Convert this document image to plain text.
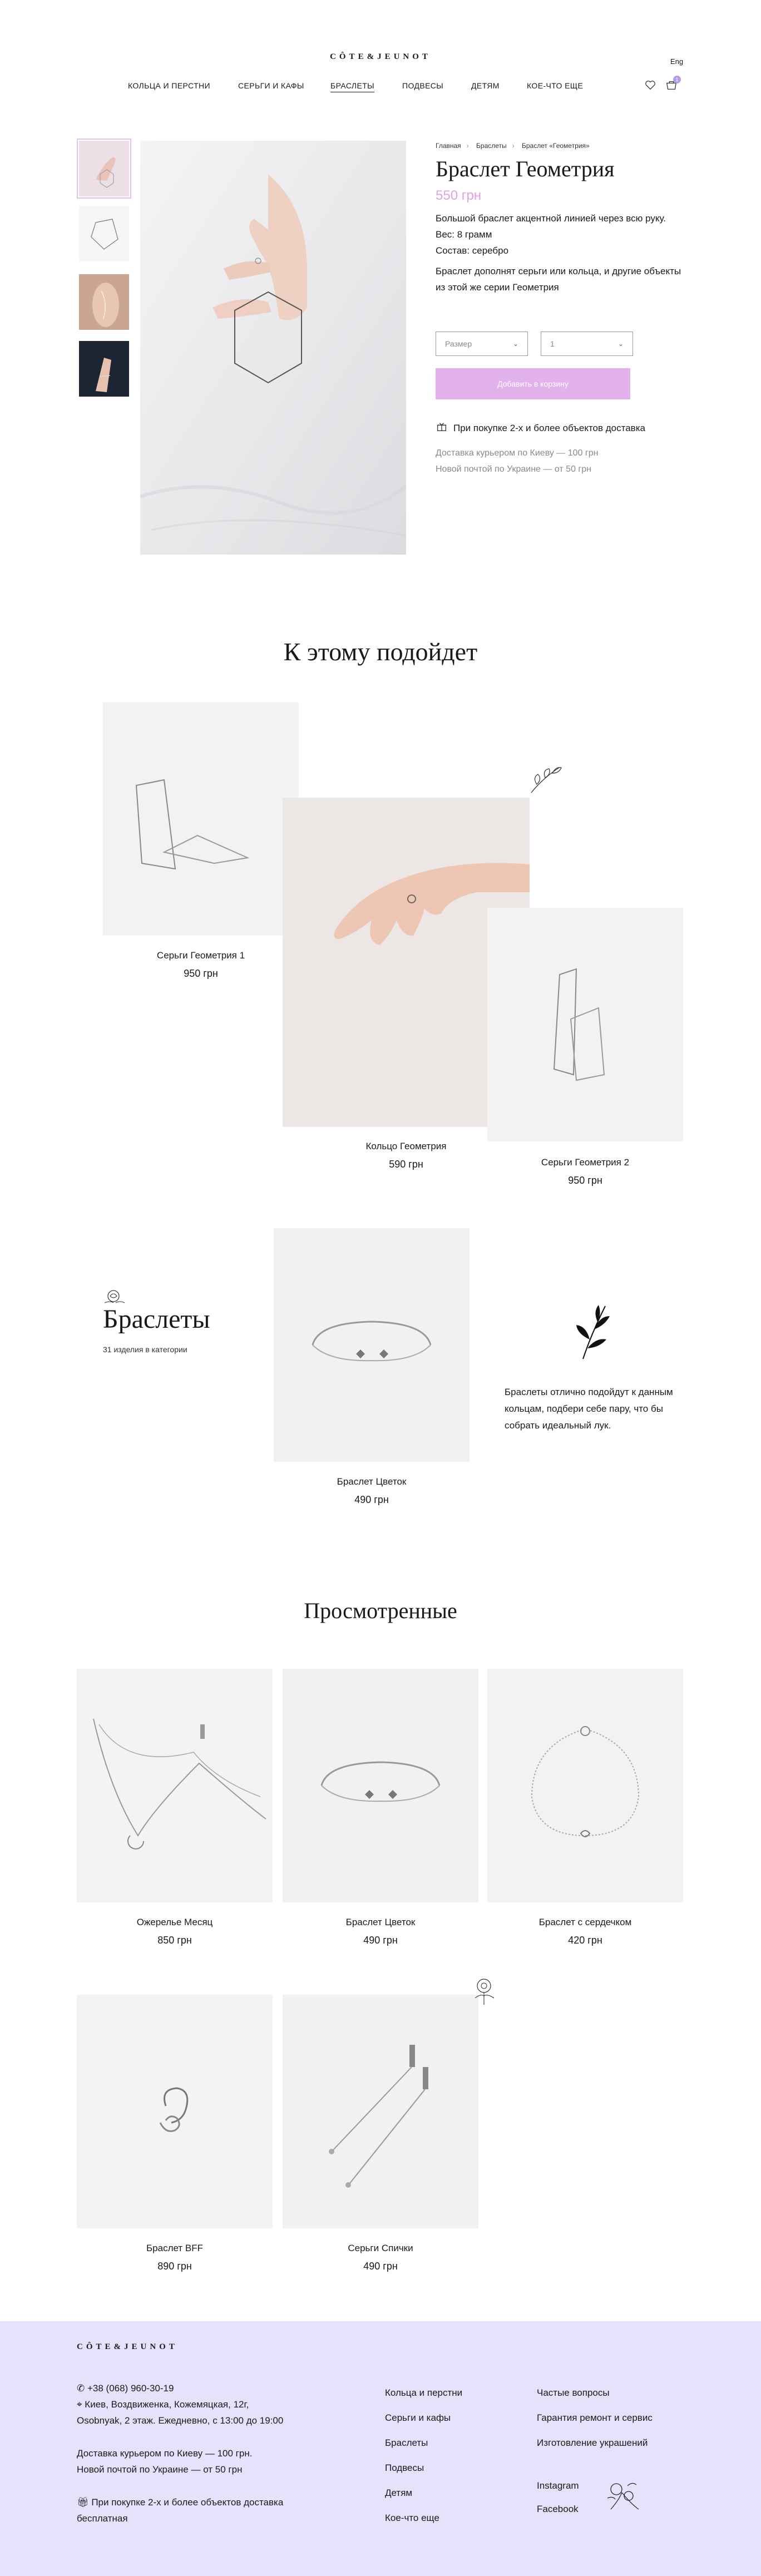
CÔTE&JEUNOT
Eng
КОЛЬЦА И ПЕРСТНИ	СЕРЬГИ И КАФЫ	БРАСЛЕТЫ	ПОДВЕСЫ	ДЕТЯМ	КОЕ-ЧТО ЕЩЕ
1
Главная › Браслеты › Браслет «Геометрия»
Браслет Геометрия
550 грн
Большой браслет акцентной линией через всю руку.
Вес: 8 грамм
Состав: серебро
Браслет дополнят серьги или кольца, и другие объекты из этой же серии Геометрия
Размер	⌄	1	⌄
Добавить в корзину
При покупке 2-х и более объектов доставка
Доставка курьером по Киеву — 100 грн
Новой почтой по Украине — от 50 грн
К этому подойдет
Серьги Геометрия 1
950 грн
Кольцо Геометрия
590 грн	Серьги Геометрия 2
950 грн
Браслеты
31 изделия в категории
Браслет Цветок
490 грн
Браслеты отлично подойдут к данным кольцам, подбери себе пару, что бы собрать идеальный лук.
Просмотренные
Ожерелье Месяц
850 грн
Браслет Цветок
490 грн
Браслет с сердечком
420 грн
Браслет BFF
890 грн
Серьги Спички
490 грн
CÔTE&JEUNOT
✆ +38 (068) 960-30-19
⌖ Киев, Воздвиженка, Кожемяцкая, 12г,
Osobnyak, 2 этаж. Ежедневно, с 13:00 до 19:00
Доставка курьером по Киеву — 100 грн.
Новой почтой по Украине — от 50 грн
🎁︎ При покупке 2-х и более объектов доставка
бесплатная
Кольца и перстни
Серьги и кафы
Браслеты
Подвесы
Детям
Кое-что еще
Частые вопросы
Гарантия ремонт и сервис
Изготовление украшений
Instagram
Facebook
